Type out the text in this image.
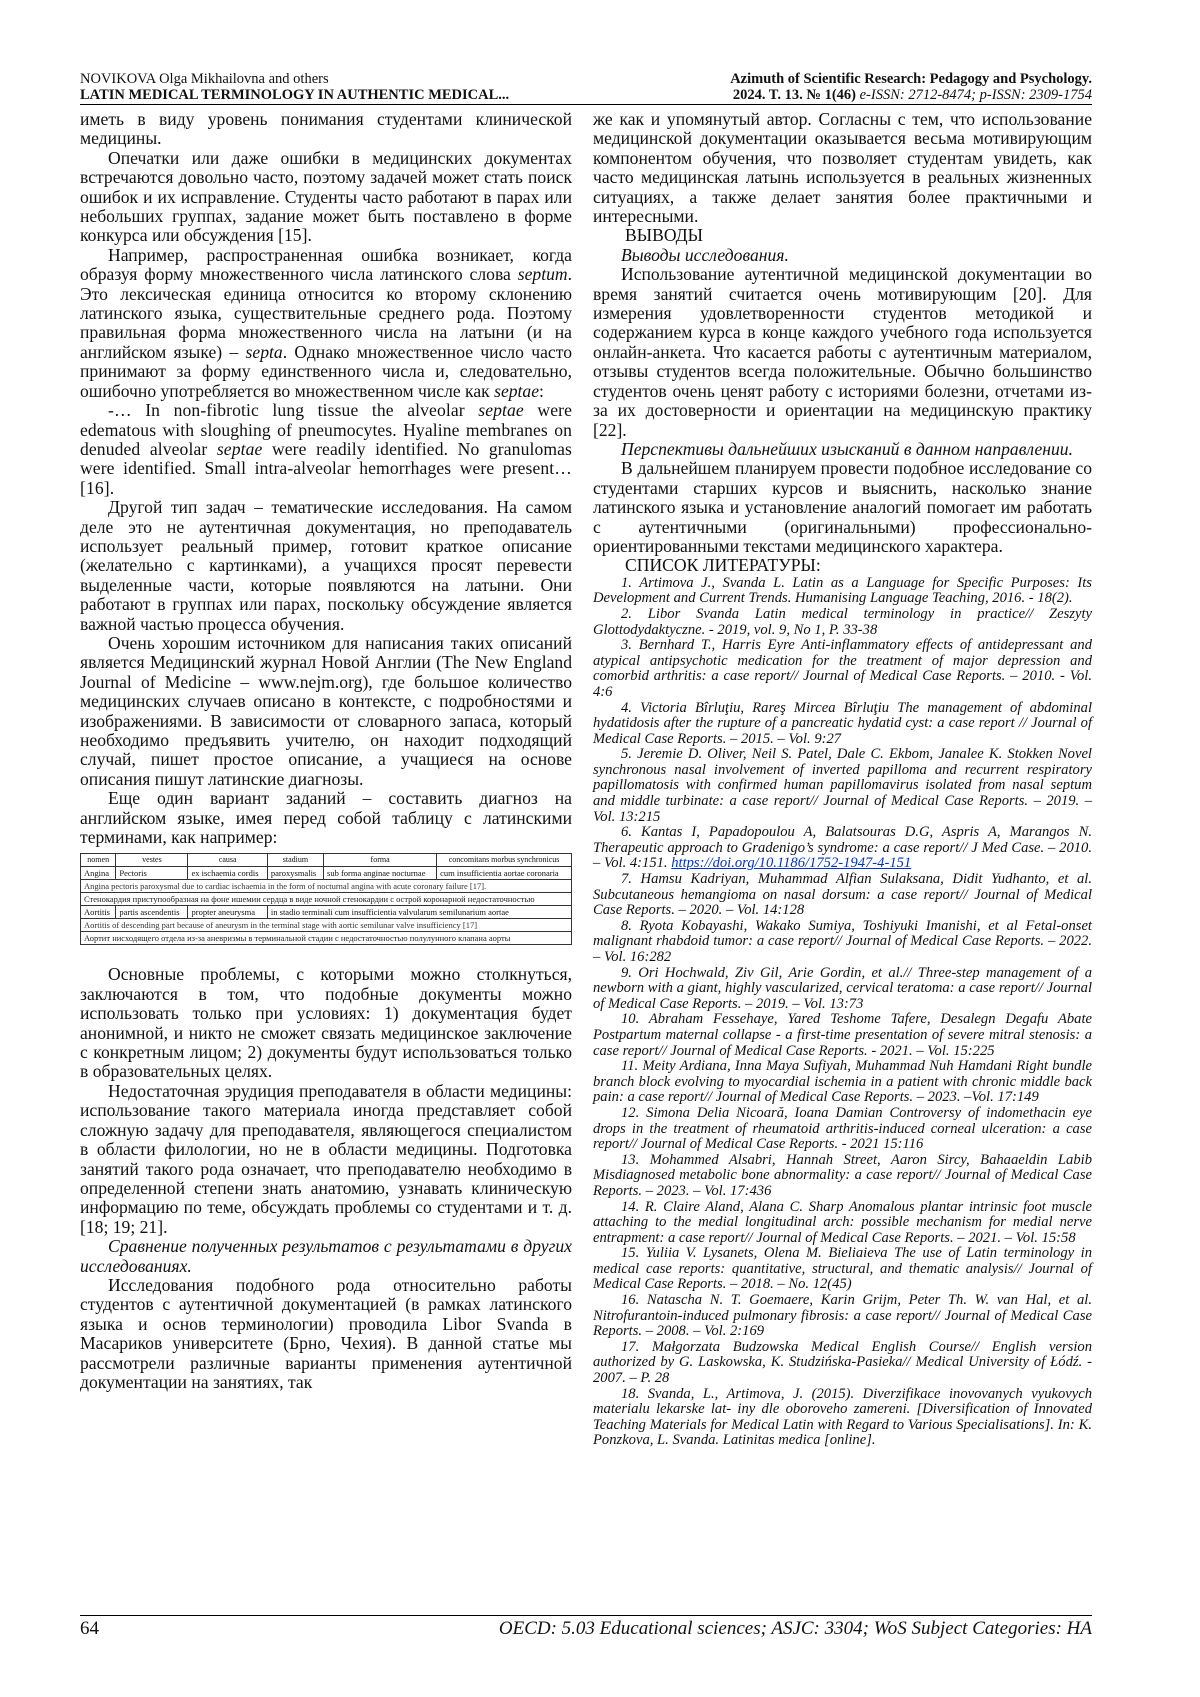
NOVIKOVA Olga Mikhailovna and others
LATIN MEDICAL TERMINOLOGY IN AUTHENTIC MEDICAL...
Azimuth of Scientific Research: Pedagogy and Psychology.
2024. T. 13. № 1(46) e-ISSN: 2712-8474; p-ISSN: 2309-1754

иметь в виду уровень понимания студентами клинической медицины.

Опечатки или даже ошибки в медицинских документах встречаются довольно часто, поэтому задачей может стать поиск ошибок и их исправление. Студенты часто работают в парах или небольших группах, задание может быть поставлено в форме конкурса или обсуждения [15].

Например, распространенная ошибка возникает, когда образуя форму множественного числа латинского слова septum. Это лексическая единица относится ко второму склонению латинского языка, существительные среднего рода. Поэтому правильная форма множественного числа на латыни (и на английском языке) – septa. Однако множественное число часто принимают за форму единственного числа и, следовательно, ошибочно употребляется во множественном числе как septae:

-… In non-fibrotic lung tissue the alveolar septae were edematous with sloughing of pneumocytes. Hyaline membranes on denuded alveolar septae were readily identified. No granulomas were identified. Small intra-alveolar hemorrhages were present… [16].

Другой тип задач – тематические исследования. На самом деле это не аутентичная документация, но преподаватель использует реальный пример, готовит краткое описание (желательно с картинками), а учащихся просят перевести выделенные части, которые появляются на латыни. Они работают в группах или парах, поскольку обсуждение является важной частью процесса обучения.

Очень хорошим источником для написания таких описаний является Медицинский журнал Новой Англии (The New England Journal of Medicine – www.nejm.org), где большое количество медицинских случаев описано в контексте, с подробностями и изображениями. В зависимости от словарного запаса, который необходимо предъявить учителю, он находит подходящий случай, пишет простое описание, а учащиеся на основе описания пишут латинские диагнозы.

Еще один вариант заданий – составить диагноз на английском языке, имея перед собой таблицу с латинскими терминами, как например:

nomen	vestes	causa	stadium	forma	concomitans morbus synchronicus
Angina	Pectoris	ex ischaemia cordis	paroxysmalis	sub forma anginae nocturnae	cum insufficientia aortae coronaria
Angina pectoris paroxysmal due to cardiac ischaemia in the form of nocturnal angina with acute coronary failure [17].					
Стенокардия приступообразная на фоне ишемии сердца в виде ночной стенокардии с острой коронарной недостаточностью					
Aortitis	partis ascendentis	propter aneurysma	in stadio terminali cum insufficientia valvularum semilunarium aortae		
Aortitis of descending part because of aneurysm in the terminal stage with aortic semilunar valve insufficiency [17]					
Аортит нисходящего отдела из-за аневризмы в терминальной стадии с недостаточностью полулунного клапана аорты					

Основные проблемы, с которыми можно столкнуться, заключаются в том, что подобные документы можно использовать только при условиях: 1) документация будет анонимной, и никто не сможет связать медицинское заключение с конкретным лицом; 2) документы будут использоваться только в образовательных целях.

Недостаточная эрудиция преподавателя в области медицины: использование такого материала иногда представляет собой сложную задачу для преподавателя, являющегося специалистом в области филологии, но не в области медицины. Подготовка занятий такого рода означает, что преподавателю необходимо в определенной степени знать анатомию, узнавать клиническую информацию по теме, обсуждать проблемы со студентами и т. д. [18; 19; 21].

Сравнение полученных результатов с результатами в других исследованиях.

Исследования подобного рода относительно работы студентов с аутентичной документацией (в рамках латинского языка и основ терминологии) проводила Libor Svanda в Масариков университете (Брно, Чехия). В данной статье мы рассмотрели различные варианты применения аутентичной документации на занятиях, так

же как и упомянутый автор. Согласны с тем, что использование медицинской документации оказывается весьма мотивирующим компонентом обучения, что позволяет студентам увидеть, как часто медицинская латынь используется в реальных жизненных ситуациях, а также делает занятия более практичными и интересными.

ВЫВОДЫ

Выводы исследования.

Использование аутентичной медицинской документации во время занятий считается очень мотивирующим [20]. Для измерения удовлетворенности студентов методикой и содержанием курса в конце каждого учебного года используется онлайн-анкета. Что касается работы с аутентичным материалом, отзывы студентов всегда положительные. Обычно большинство студентов очень ценят работу с историями болезни, отчетами из-за их достоверности и ориентации на медицинскую практику [22].

Перспективы дальнейших изысканий в данном направлении.

В дальнейшем планируем провести подобное исследование со студентами старших курсов и выяснить, насколько знание латинского языка и установление аналогий помогает им работать с аутентичными (оригинальными) профессионально-ориентированными текстами медицинского характера.

СПИСОК ЛИТЕРАТУРЫ:

1. Artimova J., Svanda L. Latin as a Language for Specific Purposes: Its Development and Current Trends. Humanising Language Teaching, 2016. - 18(2).

2. Libor Svanda Latin medical terminology in practice// Zeszyty Glottodydaktyczne. - 2019, vol. 9, No 1, P. 33-38

3. Bernhard T., Harris Eyre Anti-inflammatory effects of antidepressant and atypical antipsychotic medication for the treatment of major depression and comorbid arthritis: a case report// Journal of Medical Case Reports. – 2010. - Vol. 4:6

4. Victoria Bîrluţiu, Rareş Mircea Bîrluţiu The management of abdominal hydatidosis after the rupture of a pancreatic hydatid cyst: a case report // Journal of Medical Case Reports. – 2015. – Vol. 9:27

5. Jeremie D. Oliver, Neil S. Patel, Dale C. Ekbom, Janalee K. Stokken Novel synchronous nasal involvement of inverted papilloma and recurrent respiratory papillomatosis with confirmed human papillomavirus isolated from nasal septum and middle turbinate: a case report// Journal of Medical Case Reports. – 2019. – Vol. 13:215

6. Kantas I, Papadopoulou A, Balatsouras D.G, Aspris A, Marangos N. Therapeutic approach to Gradenigo’s syndrome: a case report// J Med Case. – 2010. – Vol. 4:151. https://doi.org/10.1186/1752-1947-4-151

7. Hamsu Kadriyan, Muhammad Alfian Sulaksana, Didit Yudhanto, et al. Subcutaneous hemangioma on nasal dorsum: a case report// Journal of Medical Case Reports. – 2020. – Vol. 14:128

8. Ryota Kobayashi, Wakako Sumiya, Toshiyuki Imanishi, et al Fetal-onset malignant rhabdoid tumor: a case report// Journal of Medical Case Reports. – 2022. – Vol. 16:282

9. Ori Hochwald, Ziv Gil, Arie Gordin, et al.// Three-step management of a newborn with a giant, highly vascularized, cervical teratoma: a case report// Journal of Medical Case Reports. – 2019. – Vol. 13:73

10. Abraham Fessehaye, Yared Teshome Tafere, Desalegn Degafu Abate Postpartum maternal collapse - a first-time presentation of severe mitral stenosis: a case report// Journal of Medical Case Reports. - 2021. – Vol. 15:225

11. Meity Ardiana, Inna Maya Sufiyah, Muhammad Nuh Hamdani Right bundle branch block evolving to myocardial ischemia in a patient with chronic middle back pain: a case report// Journal of Medical Case Reports. – 2023. –Vol. 17:149

12. Simona Delia Nicoară, Ioana Damian Controversy of indomethacin eye drops in the treatment of rheumatoid arthritis-induced corneal ulceration: a case report// Journal of Medical Case Reports. - 2021 15:116

13. Mohammed Alsabri, Hannah Street, Aaron Sircy, Bahaaeldin Labib Misdiagnosed metabolic bone abnormality: a case report// Journal of Medical Case Reports. – 2023. – Vol. 17:436

14. R. Claire Aland, Alana C. Sharp Anomalous plantar intrinsic foot muscle attaching to the medial longitudinal arch: possible mechanism for medial nerve entrapment: a case report// Journal of Medical Case Reports. – 2021. – Vol. 15:58

15. Yuliia V. Lysanets, Olena M. Bieliaieva The use of Latin terminology in medical case reports: quantitative, structural, and thematic analysis// Journal of Medical Case Reports. – 2018. – No. 12(45)

16. Natascha N. T. Goemaere, Karin Grijm, Peter Th. W. van Hal, et al. Nitrofurantoin-induced pulmonary fibrosis: a case report// Journal of Medical Case Reports. – 2008. – Vol. 2:169

17. Małgorzata Budzowska Medical English Course// English version authorized by G. Laskowska, K. Studzińska-Pasieka// Medical University of Łódź. - 2007. – P. 28

18. Svanda, L., Artimova, J. (2015). Diverzifikace inovovanych vyukovych materialu lekarske lat- iny dle oboroveho zamereni. [Diversification of Innovated Teaching Materials for Medical Latin with Regard to Various Specialisations]. In: K. Ponzkova, L. Svanda. Latinitas medica [online].

64	OECD: 5.03 Educational sciences; ASJC: 3304; WoS Subject Categories: HA
